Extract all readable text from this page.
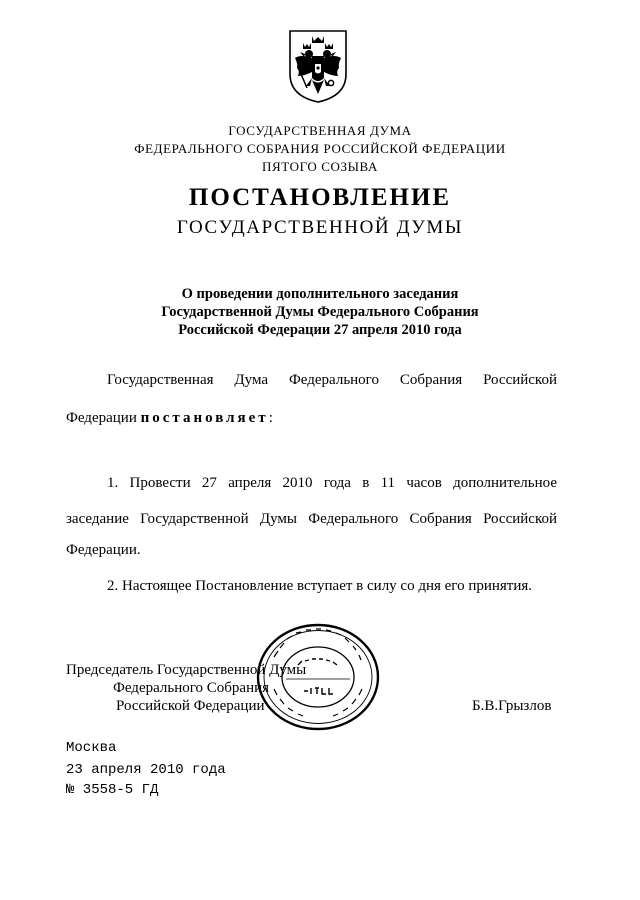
ГОСУДАРСТВЕННАЯ ДУМА
ФЕДЕРАЛЬНОГО СОБРАНИЯ РОССИЙСКОЙ ФЕДЕРАЦИИ
ПЯТОГО СОЗЫВА
ПОСТАНОВЛЕНИЕ
ГОСУДАРСТВЕННОЙ ДУМЫ
О проведении дополнительного заседания
Государственной Думы Федерального Собрания
Российской Федерации 27 апреля 2010 года
Государственная Дума Федерального Собрания Российской
Федерации постановляет:
1. Провести 27 апреля 2010 года в 11 часов дополнительное
заседание Государственной Думы Федерального Собрания Российской
Федерации.
2. Настоящее Постановление вступает в силу со дня его принятия.
Председатель Государственной Думы
Федерального Собрания
Российской Федерации	Б.В.Грызлов
Москва
23 апреля 2010 года
№ 3558-5 ГД
